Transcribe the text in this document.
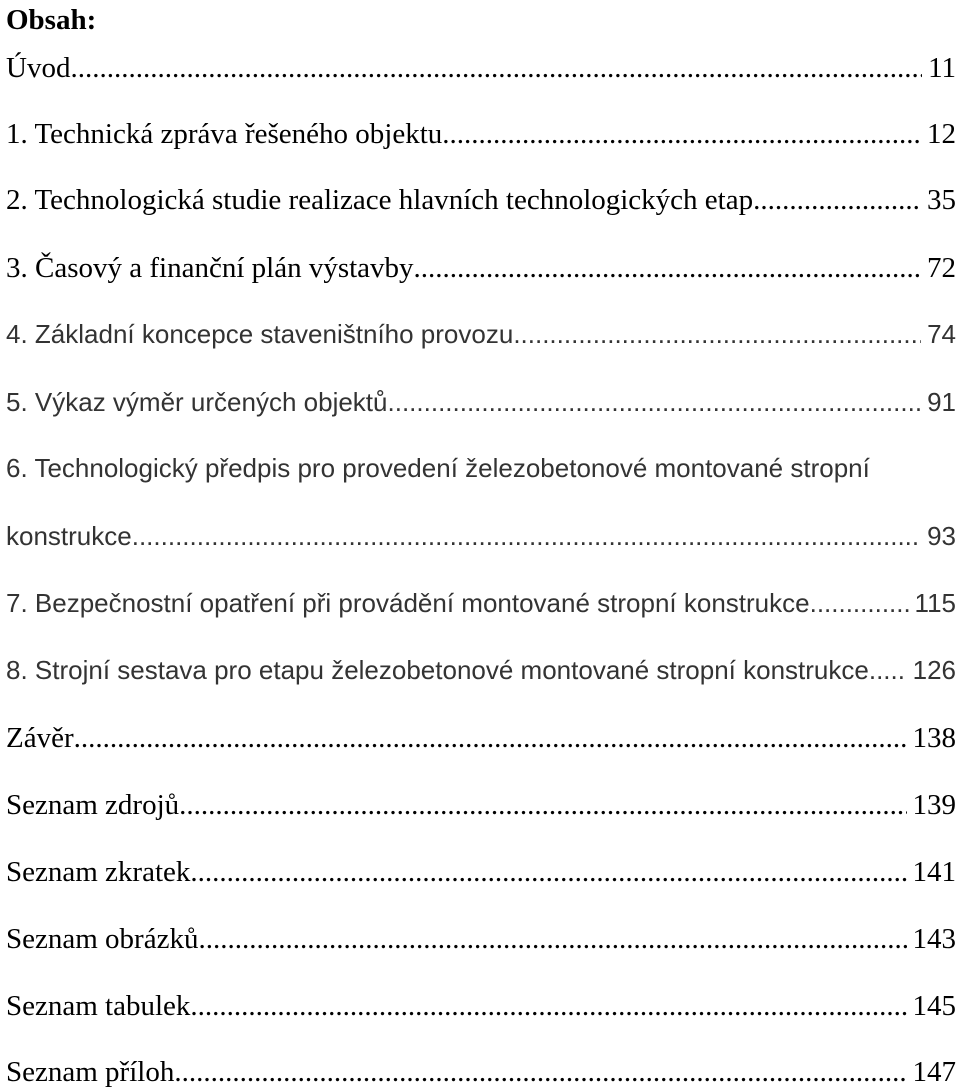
Obsah:
Úvod .....	11
1. Technická zpráva řešeného objektu .....	12
2. Technologická studie realizace hlavních technologických etap .....	35
3. Časový a finanční plán výstavby .....	72
4. Základní koncepce staveništního provozu .....	74
5. Výkaz výměr určených objektů .....	91
6. Technologický předpis pro provedení železobetonové montované stropní
konstrukce .....	93
7. Bezpečnostní opatření při provádění montované stropní konstrukce .....	115
8. Strojní sestava pro etapu železobetonové montované stropní konstrukce ..... 126
Závěr .....	138
Seznam zdrojů .....	139
Seznam zkratek .....	141
Seznam obrázků .....	143
Seznam tabulek .....	145
Seznam příloh .....	147
